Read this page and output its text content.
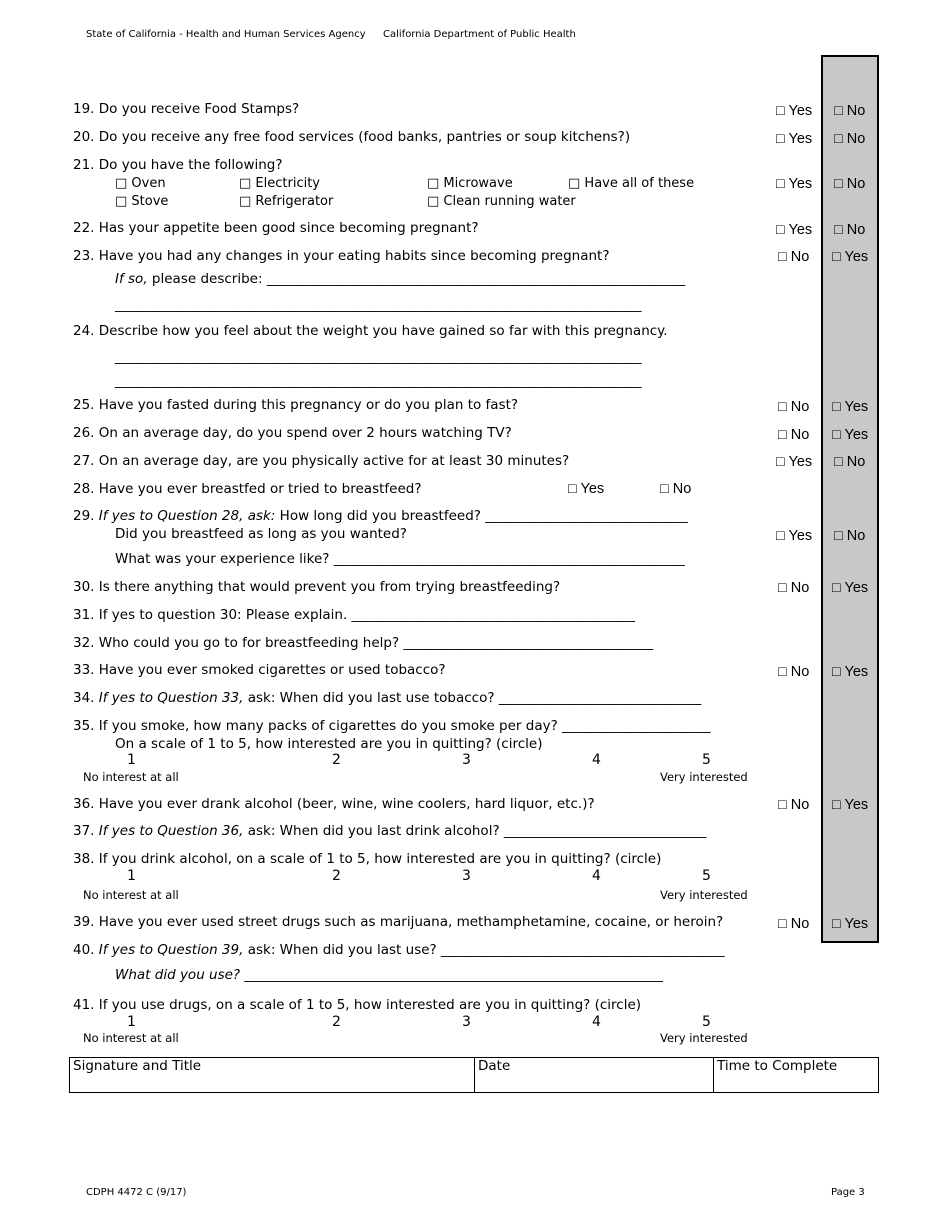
State of California - Health and Human Services Agency California Department of Public Health
19. Do you receive Food Stamps?	□ Yes □ No
20. Do you receive any free food services (food banks, pantries or soup kitchens?)	□ Yes □ No
21. Do you have the following?
□ Oven	□ Electricity	□ Microwave	□ Have all of these
□ Stove	□ Refrigerator	□ Clean running water
□ Yes □ No
22. Has your appetite been good since becoming pregnant?	□ Yes □ No
23. Have you had any changes in your eating habits since becoming pregnant?	□ No □ Yes
If so, please describe: ______________________________________________________________
______________________________________________________________________________
24. Describe how you feel about the weight you have gained so far with this pregnancy.
______________________________________________________________________________
______________________________________________________________________________
25. Have you fasted during this pregnancy or do you plan to fast?	□ No □ Yes
26. On an average day, do you spend over 2 hours watching TV?	□ No □ Yes
27. On an average day, are you physically active for at least 30 minutes?	□ Yes □ No
28. Have you ever breastfed or tried to breastfeed?	□ Yes	□ No
29. If yes to Question 28, ask: How long did you breastfeed? ______________________________
Did you breastfeed as long as you wanted?	□ Yes □ No
What was your experience like? ____________________________________________________
30. Is there anything that would prevent you from trying breastfeeding?	□ No □ Yes
31. If yes to question 30: Please explain. __________________________________________
32. Who could you go to for breastfeeding help? _____________________________________
33. Have you ever smoked cigarettes or used tobacco?	□ No □ Yes
34. If yes to Question 33, ask: When did you last use tobacco? ______________________________
35. If you smoke, how many packs of cigarettes do you smoke per day? ______________________
On a scale of 1 to 5, how interested are you in quitting? (circle)
1	2	3	4	5
No interest at all	Very interested
36. Have you ever drank alcohol (beer, wine, wine coolers, hard liquor, etc.)?	□ No □ Yes
37. If yes to Question 36, ask: When did you last drink alcohol? ______________________________
38. If you drink alcohol, on a scale of 1 to 5, how interested are you in quitting? (circle)
1	2	3	4	5
No interest at all	Very interested
39. Have you ever used street drugs such as marijuana, methamphetamine, cocaine, or heroin?	□ No □ Yes
40. If yes to Question 39, ask: When did you last use? __________________________________________
What did you use? ______________________________________________________________
41. If you use drugs, on a scale of 1 to 5, how interested are you in quitting? (circle)
1	2	3	4	5
No interest at all	Very interested
Signature and Title	Date	Time to Complete
CDPH 4472 C (9/17)	Page 3
